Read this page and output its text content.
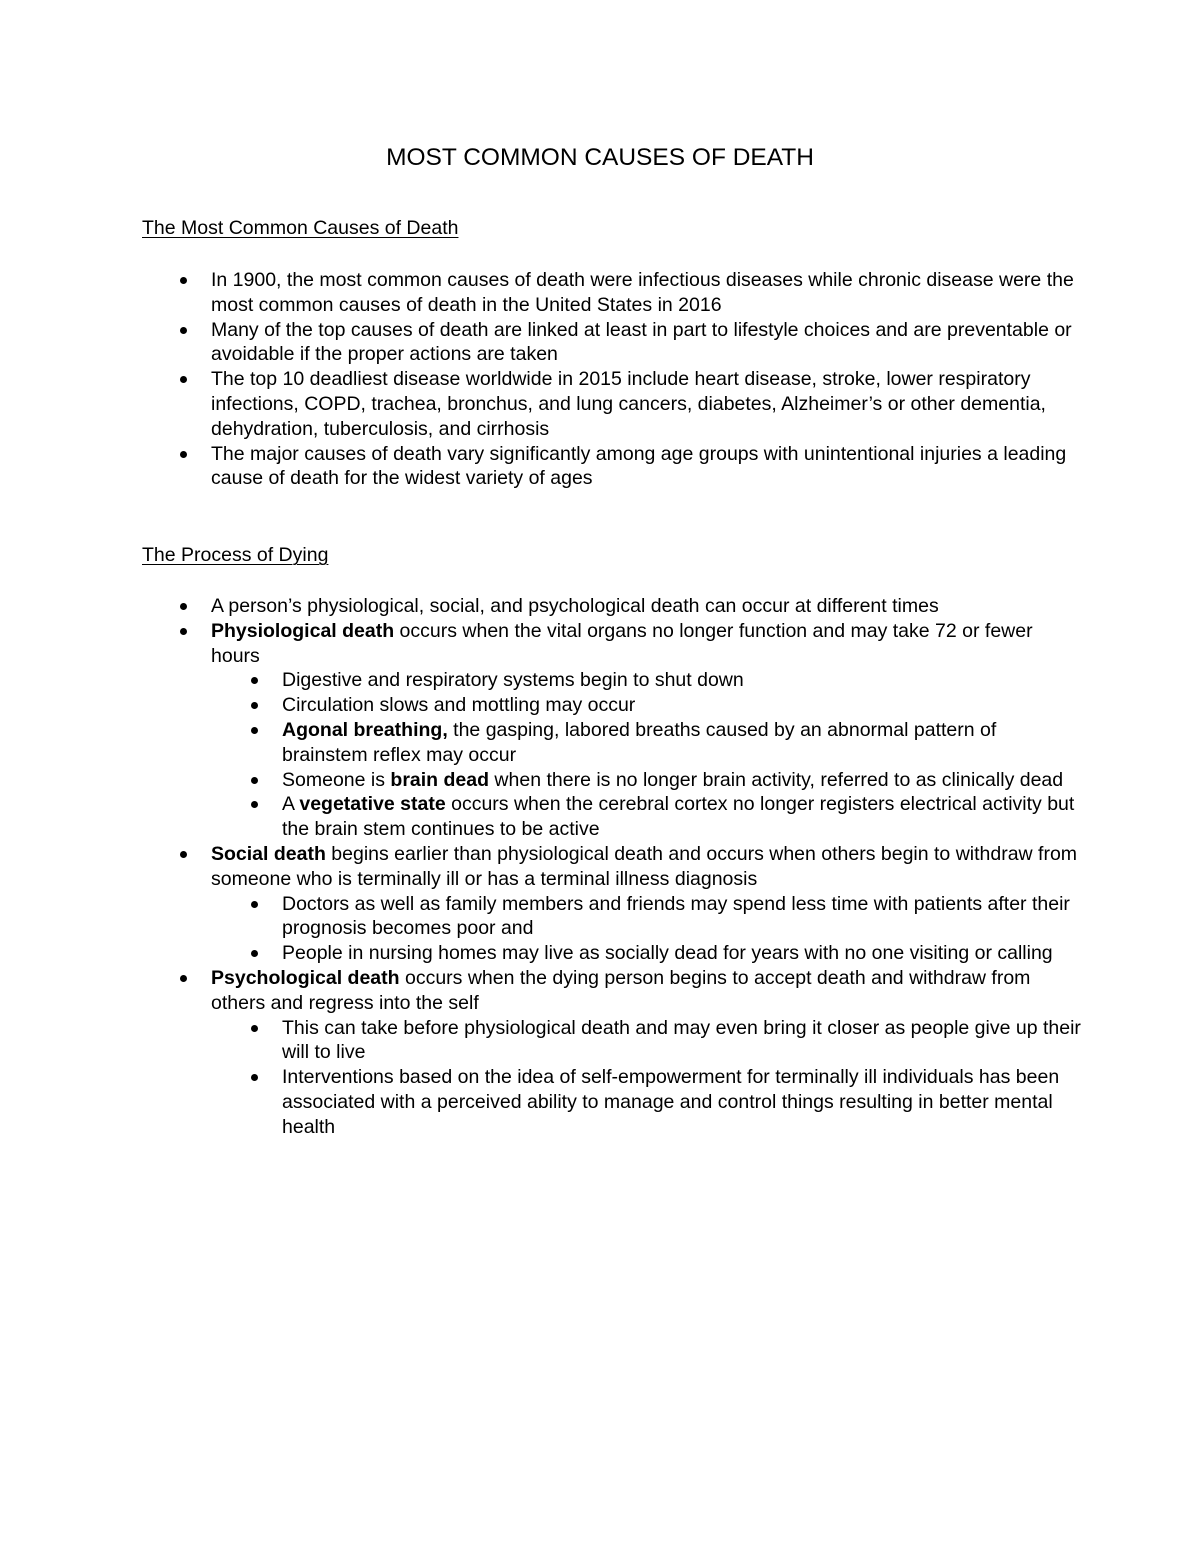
MOST COMMON CAUSES OF DEATH
The Most Common Causes of Death
In 1900, the most common causes of death were infectious diseases while chronic disease were the most common causes of death in the United States in 2016
Many of the top causes of death are linked at least in part to lifestyle choices and are preventable or avoidable if the proper actions are taken
The top 10 deadliest disease worldwide in 2015 include heart disease, stroke, lower respiratory infections, COPD, trachea, bronchus, and lung cancers, diabetes, Alzheimer’s or other dementia, dehydration, tuberculosis, and cirrhosis
The major causes of death vary significantly among age groups with unintentional injuries a leading cause of death for the widest variety of ages
The Process of Dying
A person’s physiological, social, and psychological death can occur at different times
Physiological death occurs when the vital organs no longer function and may take 72 or fewer hours
Digestive and respiratory systems begin to shut down
Circulation slows and mottling may occur
Agonal breathing, the gasping, labored breaths caused by an abnormal pattern of brainstem reflex may occur
Someone is brain dead when there is no longer brain activity, referred to as clinically dead
A vegetative state occurs when the cerebral cortex no longer registers electrical activity but the brain stem continues to be active
Social death begins earlier than physiological death and occurs when others begin to withdraw from someone who is terminally ill or has a terminal illness diagnosis
Doctors as well as family members and friends may spend less time with patients after their prognosis becomes poor and
People in nursing homes may live as socially dead for years with no one visiting or calling
Psychological death occurs when the dying person begins to accept death and withdraw from others and regress into the self
This can take before physiological death and may even bring it closer as people give up their will to live
Interventions based on the idea of self-empowerment for terminally ill individuals has been associated with a perceived ability to manage and control things resulting in better mental health
